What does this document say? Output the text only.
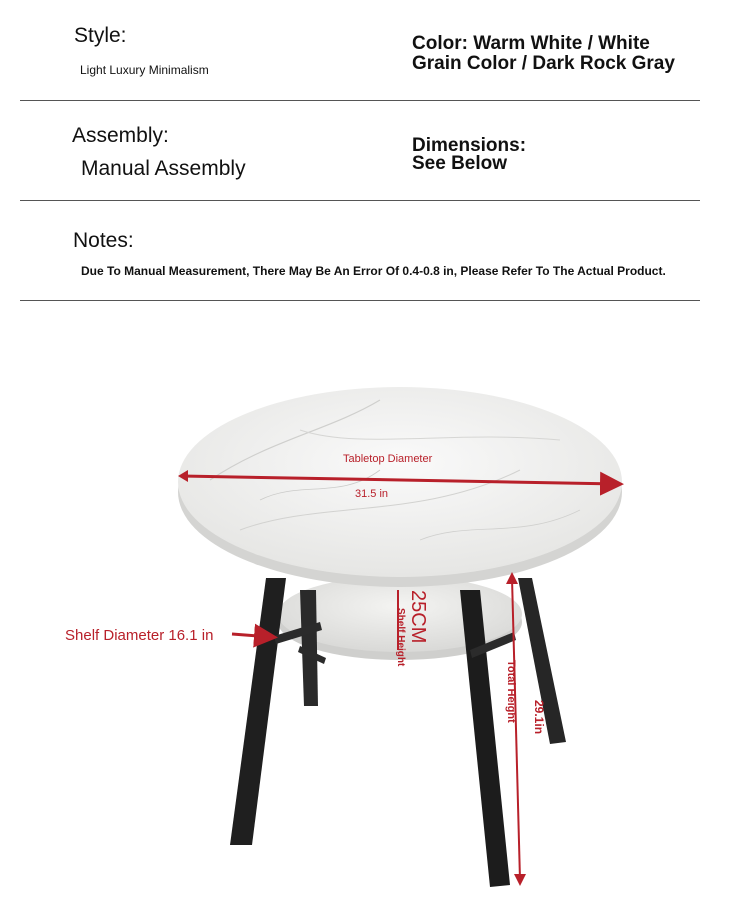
Style:
Light Luxury Minimalism
Color: Warm White / White
Grain Color / Dark Rock Gray
Assembly:
Manual Assembly
Dimensions:
See Below
Notes:
Due To Manual Measurement, There May Be An Error Of 0.4-0.8 in, Please Refer To The Actual Product.
Tabletop Diameter
31.5 in
Shelf Diameter 16.1 in	25CM
Shelf Height
Total Height 29.1in
